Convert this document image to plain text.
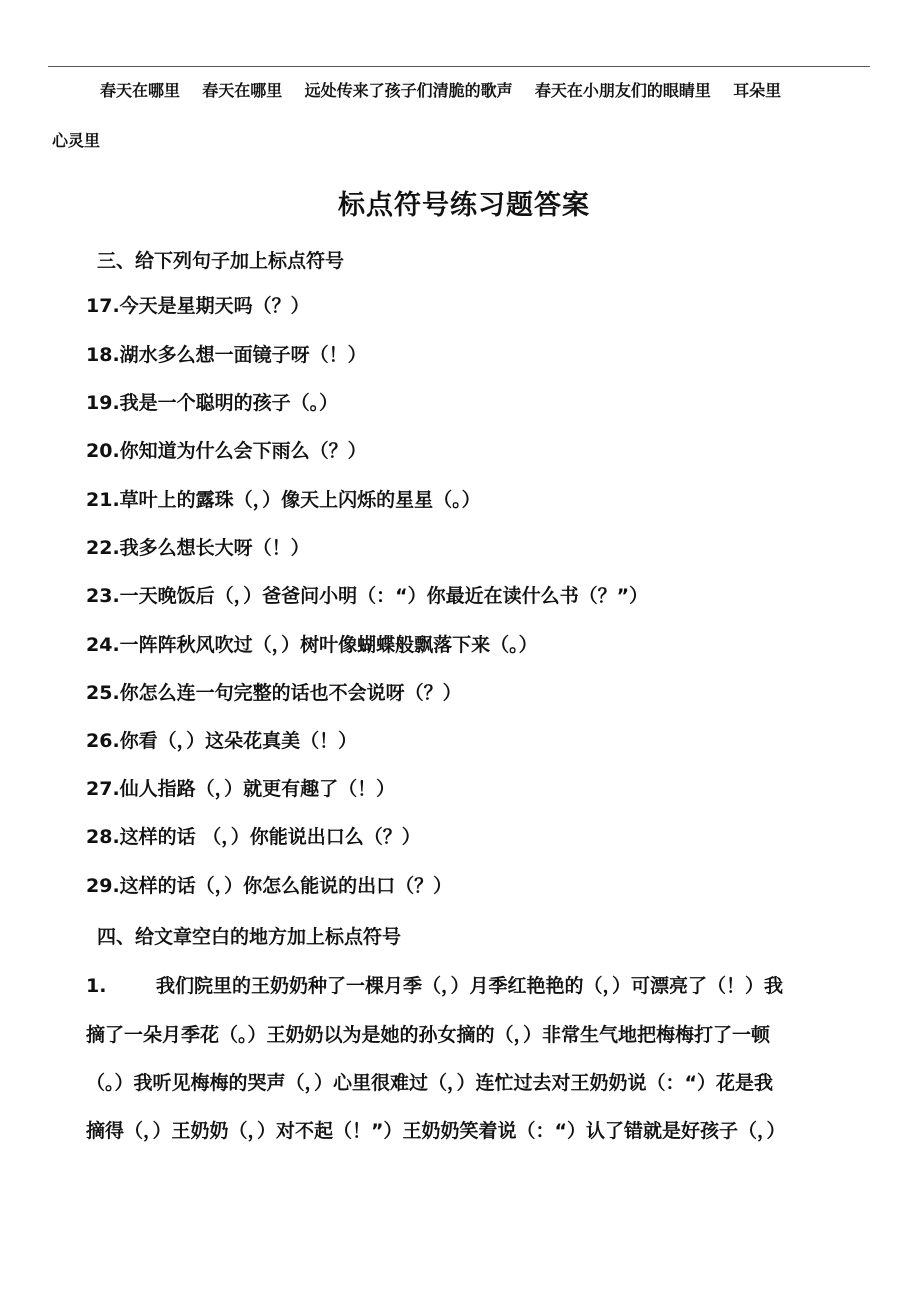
春天在哪里    春天在哪里    远处传来了孩子们清脆的歌声    春天在小朋友们的眼睛里    耳朵里
心灵里
标点符号练习题答案
三、给下列句子加上标点符号
17.今天是星期天吗（？）
18.湖水多么想一面镜子呀（！）
19.我是一个聪明的孩子（。）
20.你知道为什么会下雨么（？）
21.草叶上的露珠（，）像天上闪烁的星星（。）
22.我多么想长大呀（！）
23.一天晚饭后（，）爸爸问小明（：“）你最近在读什么书（？”）
24.一阵阵秋风吹过（，）树叶像蝴蝶般飘落下来（。）
25.你怎么连一句完整的话也不会说呀（？）
26.你看（，）这朵花真美（！）
27.仙人指路（，）就更有趣了（！）
28.这样的话 （，）你能说出口么（？）
29.这样的话（，）你怎么能说的出口（？）
四、给文章空白的地方加上标点符号
1.	我们院里的王奶奶种了一棵月季（，）月季红艳艳的（，）可漂亮了（！）我
摘了一朵月季花（。）王奶奶以为是她的孙女摘的（，）非常生气地把梅梅打了一顿
（。）我听见梅梅的哭声（，）心里很难过（，）连忙过去对王奶奶说（：“）花是我
摘得（，）王奶奶（，）对不起（！”）王奶奶笑着说（：“）认了错就是好孩子（，）
